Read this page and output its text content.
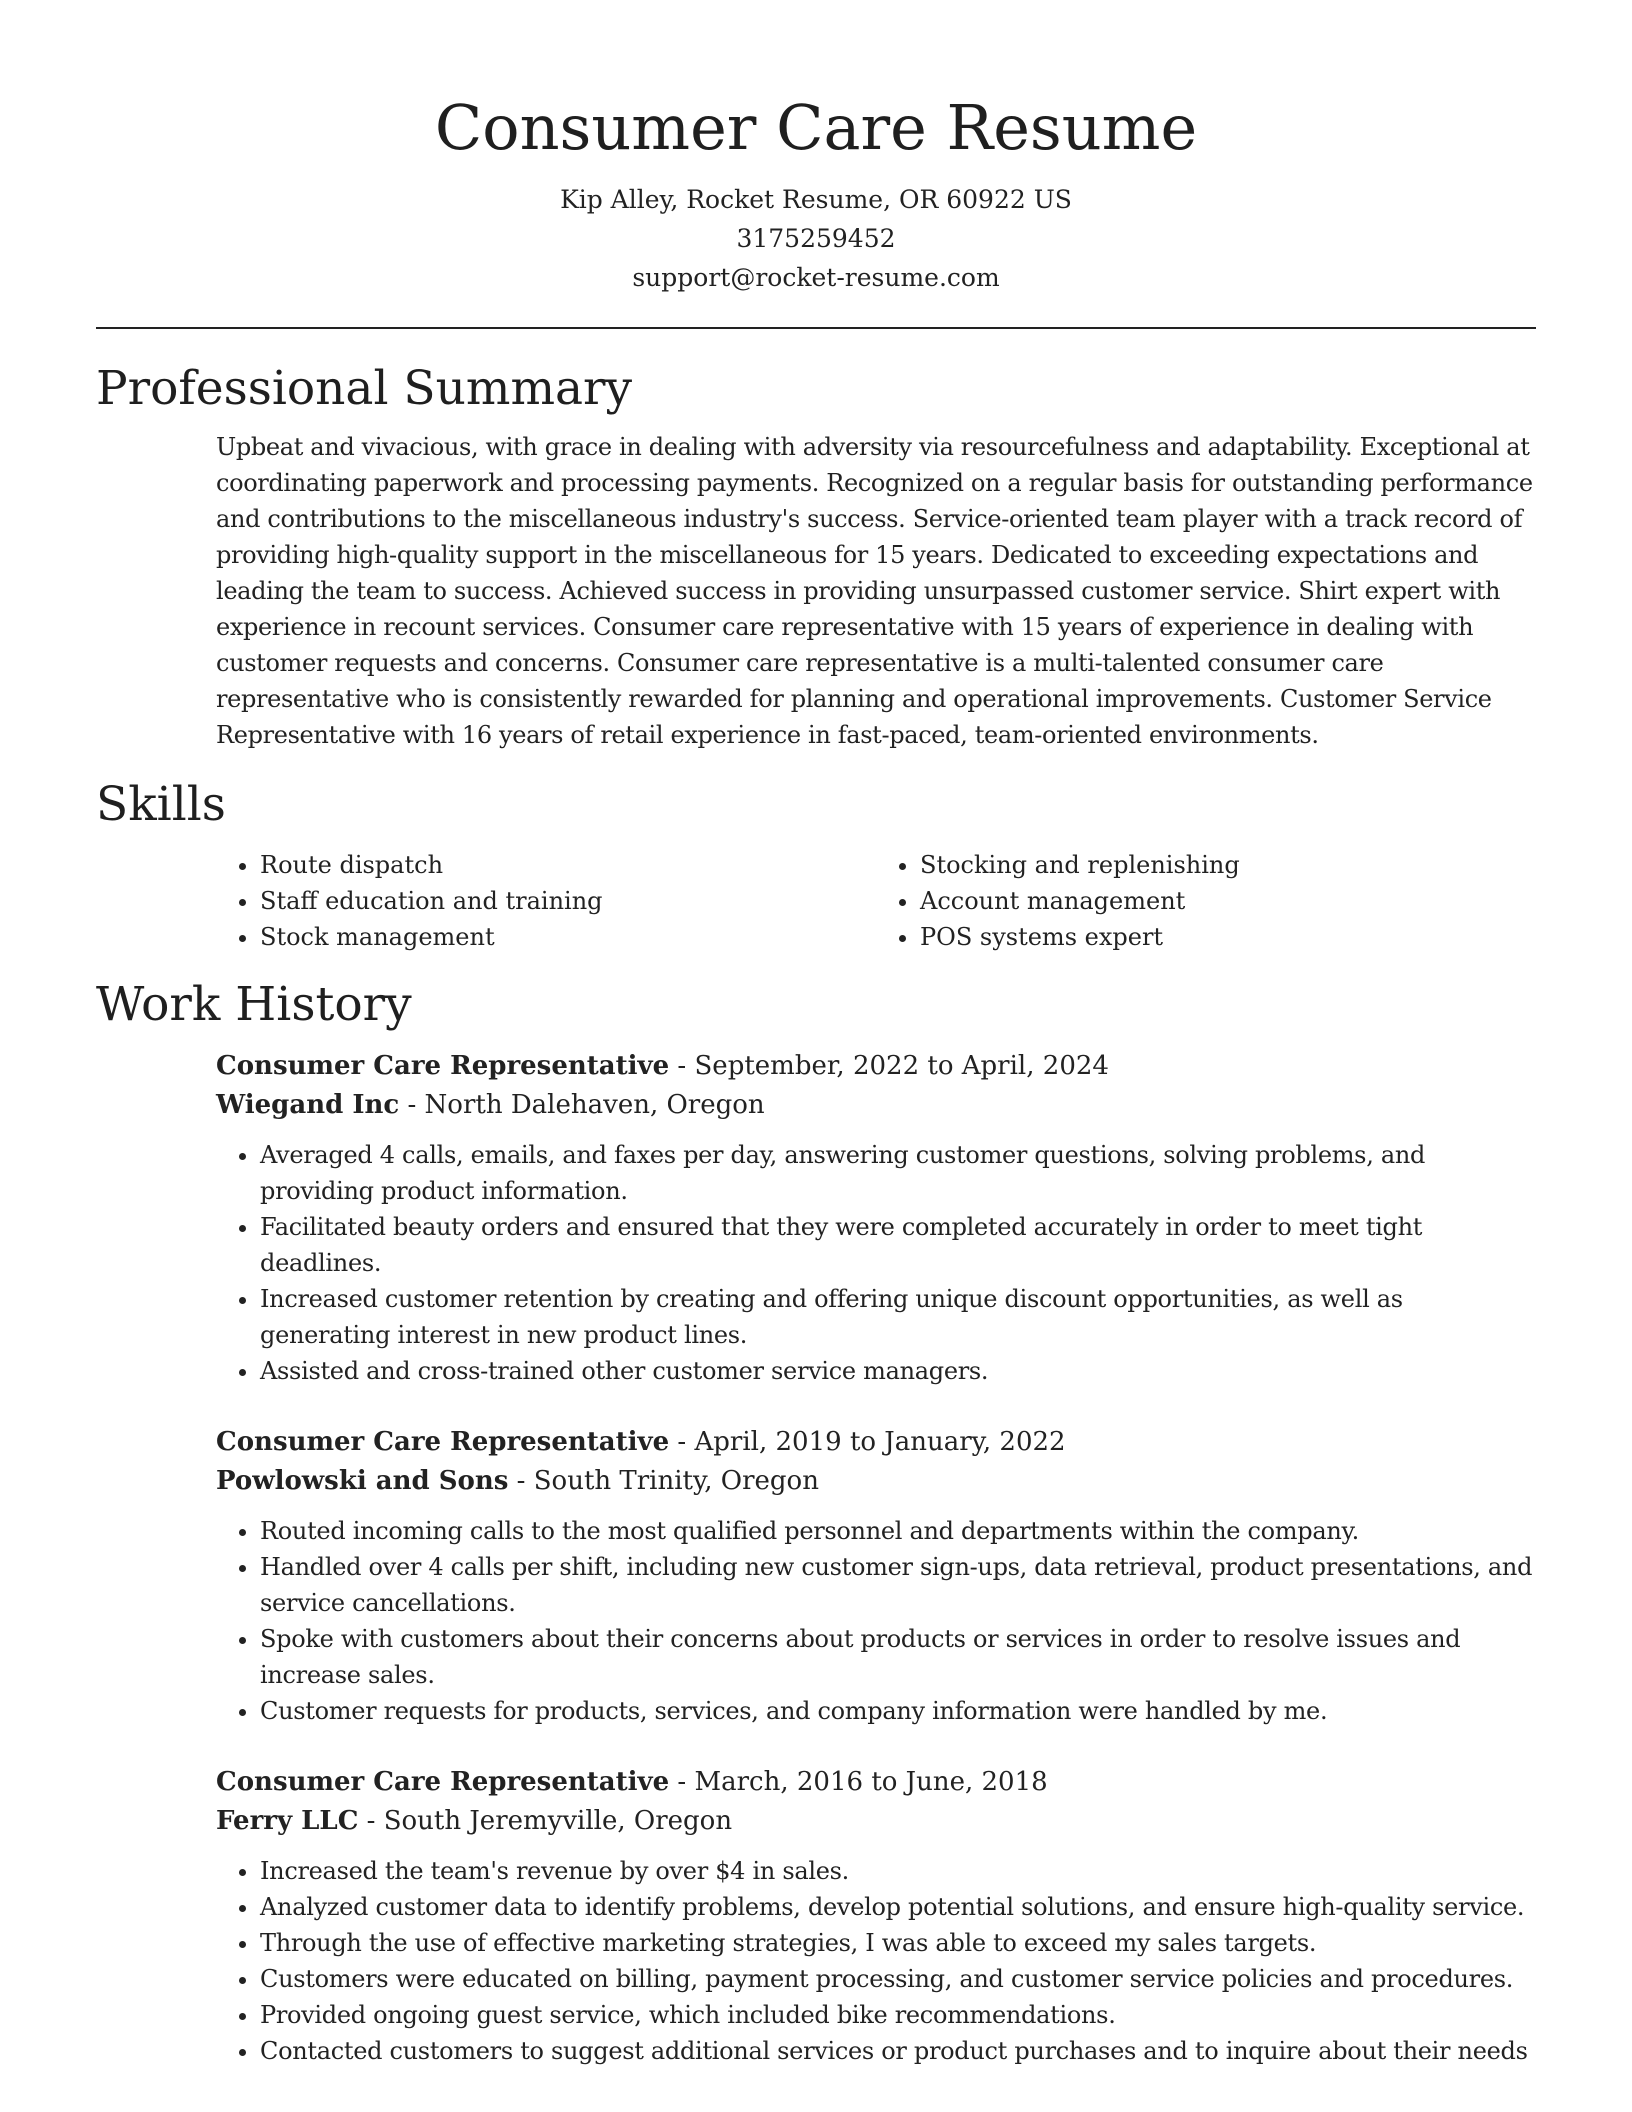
Consumer Care Resume
Kip Alley, Rocket Resume, OR 60922 US
3175259452
support@rocket-resume.com
Professional Summary

Upbeat and vivacious, with grace in dealing with adversity via resourcefulness and adaptability. Exceptional at coordinating paperwork and processing payments. Recognized on a regular basis for outstanding performance and contributions to the miscellaneous industry's success. Service-oriented team player with a track record of providing high-quality support in the miscellaneous for 15 years. Dedicated to exceeding expectations and leading the team to success. Achieved success in providing unsurpassed customer service. Shirt expert with experience in recount services. Consumer care representative with 15 years of experience in dealing with customer requests and concerns. Consumer care representative is a multi-talented consumer care representative who is consistently rewarded for planning and operational improvements. Customer Service Representative with 16 years of retail experience in fast-paced, team-oriented environments.

Skills
• Route dispatch
• Staff education and training
• Stock management
• Stocking and replenishing
• Account management
• POS systems expert
Work History
Consumer Care Representative - September, 2022 to April, 2024
Wiegand Inc - North Dalehaven, Oregon
• Averaged 4 calls, emails, and faxes per day, answering customer questions, solving problems, and providing product information.
• Facilitated beauty orders and ensured that they were completed accurately in order to meet tight deadlines.
• Increased customer retention by creating and offering unique discount opportunities, as well as generating interest in new product lines.
• Assisted and cross-trained other customer service managers.
Consumer Care Representative - April, 2019 to January, 2022
Powlowski and Sons - South Trinity, Oregon
• Routed incoming calls to the most qualified personnel and departments within the company.
• Handled over 4 calls per shift, including new customer sign-ups, data retrieval, product presentations, and service cancellations.
• Spoke with customers about their concerns about products or services in order to resolve issues and increase sales.
• Customer requests for products, services, and company information were handled by me.
Consumer Care Representative - March, 2016 to June, 2018
Ferry LLC - South Jeremyville, Oregon
• Increased the team's revenue by over $4 in sales.
• Analyzed customer data to identify problems, develop potential solutions, and ensure high-quality service.
• Through the use of effective marketing strategies, I was able to exceed my sales targets.
• Customers were educated on billing, payment processing, and customer service policies and procedures.
• Provided ongoing guest service, which included bike recommendations.
• Contacted customers to suggest additional services or product purchases and to inquire about their needs
